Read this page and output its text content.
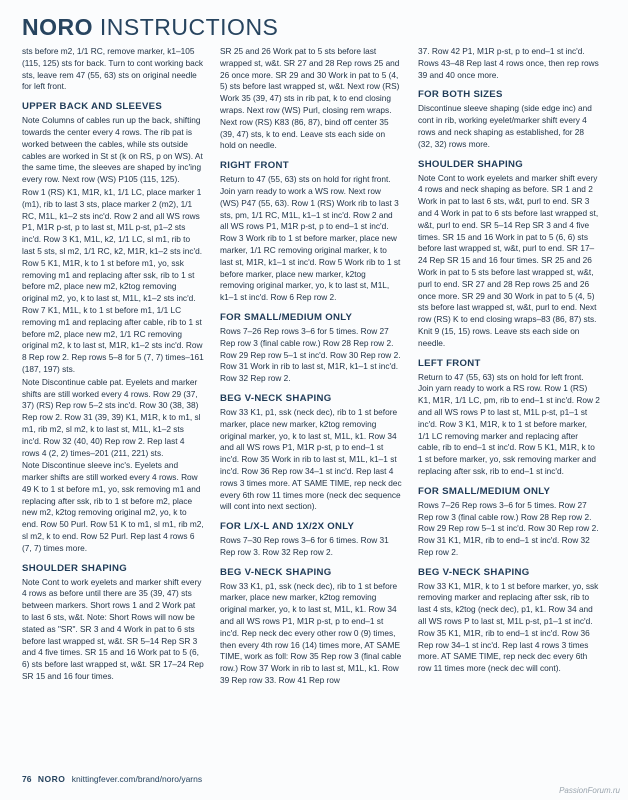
NORO INSTRUCTIONS

sts before m2, 1/1 RC, remove marker, k1–105 (115, 125) sts for back. Turn to cont working back sts, leave rem 47 (55, 63) sts on original needle for left front.

UPPER BACK AND SLEEVES

Note Columns of cables run up the back, shifting towards the center every 4 rows. The rib pat is worked between the cables, while sts outside cables are worked in St st (k on RS, p on WS). At the same time, the sleeves are shaped by inc'ing every row. Next row (WS) P105 (115, 125).

Row 1 (RS) K1, M1R, k1, 1/1 LC, place marker 1 (m1), rib to last 3 sts, place marker 2 (m2), 1/1 RC, M1L, k1–2 sts inc'd. Row 2 and all WS rows P1, M1R p-st, p to last st, M1L p-st, p1–2 sts inc'd. Row 3 K1, M1L, k2, 1/1 LC, sl m1, rib to last 5 sts, sl m2, 1/1 RC, k2, M1R, k1–2 sts inc'd. Row 5 K1, M1R, k to 1 st before m1, yo, ssk removing m1 and replacing after ssk, rib to 1 st before m2, place new m2, k2tog removing original m2, yo, k to last st, M1L, k1–2 sts inc'd. Row 7 K1, M1L, k to 1 st before m1, 1/1 LC removing m1 and replacing after cable, rib to 1 st before m2, place new m2, 1/1 RC removing original m2, k to last st, M1R, k1–2 sts inc'd. Row 8 Rep row 2. Rep rows 5–8 for 5 (7, 7) times–161 (187, 197) sts.

Note Discontinue cable pat. Eyelets and marker shifts are still worked every 4 rows. Row 29 (37, 37) (RS) Rep row 5–2 sts inc'd. Row 30 (38, 38) Rep row 2. Row 31 (39, 39) K1, M1R, k to m1, sl m1, rib m2, sl m2, k to last st, M1L, k1–2 sts inc'd. Row 32 (40, 40) Rep row 2. Rep last 4 rows 4 (2, 2) times–201 (211, 221) sts.

Note Discontinue sleeve inc's. Eyelets and marker shifts are still worked every 4 rows. Row 49 K to 1 st before m1, yo, ssk removing m1 and replacing after ssk, rib to 1 st before m2, place new m2, k2tog removing original m2, yo, k to end. Row 50 Purl. Row 51 K to m1, sl m1, rib m2, sl m2, k to end. Row 52 Purl. Rep last 4 rows 6 (7, 7) times more.

SHOULDER SHAPING

Note Cont to work eyelets and marker shift every 4 rows as before until there are 35 (39, 47) sts between markers. Short rows 1 and 2 Work pat to last 6 sts, w&t. Note: Short Rows will now be stated as "SR". SR 3 and 4 Work in pat to 6 sts before last wrapped st, w&t. SR 5–14 Rep SR 3 and 4 five times. SR 15 and 16 Work pat to 5 (6, 6) sts before last wrapped st, w&t. SR 17–24 Rep SR 15 and 16 four times.

SR 25 and 26 Work pat to 5 sts before last wrapped st, w&t. SR 27 and 28 Rep rows 25 and 26 once more. SR 29 and 30 Work in pat to 5 (4, 5) sts before last wrapped st, w&t. Next row (RS) Work 35 (39, 47) sts in rib pat, k to end closing wraps. Next row (WS) Purl, closing rem wraps. Next row (RS) K83 (86, 87), bind off center 35 (39, 47) sts, k to end. Leave sts each side on hold on needle.

RIGHT FRONT

Return to 47 (55, 63) sts on hold for right front. Join yarn ready to work a WS row. Next row (WS) P47 (55, 63). Row 1 (RS) Work rib to last 3 sts, pm, 1/1 RC, M1L, k1–1 st inc'd. Row 2 and all WS rows P1, M1R p-st, p to end–1 st inc'd. Row 3 Work rib to 1 st before marker, place new marker, 1/1 RC removing original marker, k to last st, M1R, k1–1 st inc'd. Row 5 Work rib to 1 st before marker, place new marker, k2tog removing original marker, yo, k to last st, M1L, k1–1 st inc'd. Row 6 Rep row 2.

FOR SMALL/MEDIUM ONLY

Rows 7–26 Rep rows 3–6 for 5 times. Row 27 Rep row 3 (final cable row.) Row 28 Rep row 2. Row 29 Rep row 5–1 st inc'd. Row 30 Rep row 2. Row 31 Work in rib to last st, M1R, k1–1 st inc'd. Row 32 Rep row 2.

BEG V-NECK SHAPING

Row 33 K1, p1, ssk (neck dec), rib to 1 st before marker, place new marker, k2tog removing original marker, yo, k to last st, M1L, k1. Row 34 and all WS rows P1, M1R p-st, p to end–1 st inc'd. Row 35 Work in rib to last st, M1L, k1–1 st inc'd. Row 36 Rep row 34–1 st inc'd. Rep last 4 rows 3 times more. AT SAME TIME, rep neck dec every 6th row 11 times more (neck dec sequence will cont into next section).

FOR L/X-L AND 1X/2X ONLY

Rows 7–30 Rep rows 3–6 for 6 times. Row 31 Rep row 3. Row 32 Rep row 2.

BEG V-NECK SHAPING

Row 33 K1, p1, ssk (neck dec), rib to 1 st before marker, place new marker, k2tog removing original marker, yo, k to last st, M1L, k1. Row 34 and all WS rows P1, M1R p-st, p to end–1 st inc'd. Rep neck dec every other row 0 (9) times, then every 4th row 16 (14) times more, AT SAME TIME, work as foll: Row 35 Rep row 3 (final cable row.) Row 37 Work in rib to last st, M1L, k1. Row 39 Rep row 33. Row 41 Rep row

37. Row 42 P1, M1R p-st, p to end–1 st inc'd. Rows 43–48 Rep last 4 rows once, then rep rows 39 and 40 once more.

FOR BOTH SIZES

Discontinue sleeve shaping (side edge inc) and cont in rib, working eyelet/marker shift every 4 rows and neck shaping as established, for 28 (32, 32) rows more.

SHOULDER SHAPING

Note Cont to work eyelets and marker shift every 4 rows and neck shaping as before. SR 1 and 2 Work in pat to last 6 sts, w&t, purl to end. SR 3 and 4 Work in pat to 6 sts before last wrapped st, w&t, purl to end. SR 5–14 Rep SR 3 and 4 five times. SR 15 and 16 Work in pat to 5 (6, 6) sts before last wrapped st, w&t, purl to end. SR 17–24 Rep SR 15 and 16 four times. SR 25 and 26 Work in pat to 5 sts before last wrapped st, w&t, purl to end. SR 27 and 28 Rep rows 25 and 26 once more. SR 29 and 30 Work in pat to 5 (4, 5) sts before last wrapped st, w&t, purl to end. Next row (RS) K to end closing wraps–83 (86, 87) sts. Knit 9 (15, 15) rows. Leave sts each side on needle.

LEFT FRONT

Return to 47 (55, 63) sts on hold for left front. Join yarn ready to work a RS row. Row 1 (RS) K1, M1R, 1/1 LC, pm, rib to end–1 st inc'd. Row 2 and all WS rows P to last st, M1L p-st, p1–1 st inc'd. Row 3 K1, M1R, k to 1 st before marker, 1/1 LC removing marker and replacing after cable, rib to end–1 st inc'd. Row 5 K1, M1R, k to 1 st before marker, yo, ssk removing marker and replacing after ssk, rib to end–1 st inc'd.

FOR SMALL/MEDIUM ONLY

Rows 7–26 Rep rows 3–6 for 5 times. Row 27 Rep row 3 (final cable row.) Row 28 Rep row 2. Row 29 Rep row 5–1 st inc'd. Row 30 Rep row 2. Row 31 K1, M1R, rib to end–1 st inc'd. Row 32 Rep row 2.

BEG V-NECK SHAPING

Row 33 K1, M1R, k to 1 st before marker, yo, ssk removing marker and replacing after ssk, rib to last 4 sts, k2tog (neck dec), p1, k1. Row 34 and all WS rows P to last st, M1L p-st, p1–1 st inc'd. Row 35 K1, M1R, rib to end–1 st inc'd. Row 36 Rep row 34–1 st inc'd. Rep last 4 rows 3 times more. AT SAME TIME, rep neck dec every 6th row 11 times more (neck dec will cont).

76 NORO knittingfever.com/brand/noro/yarns
PassionForum.ru
